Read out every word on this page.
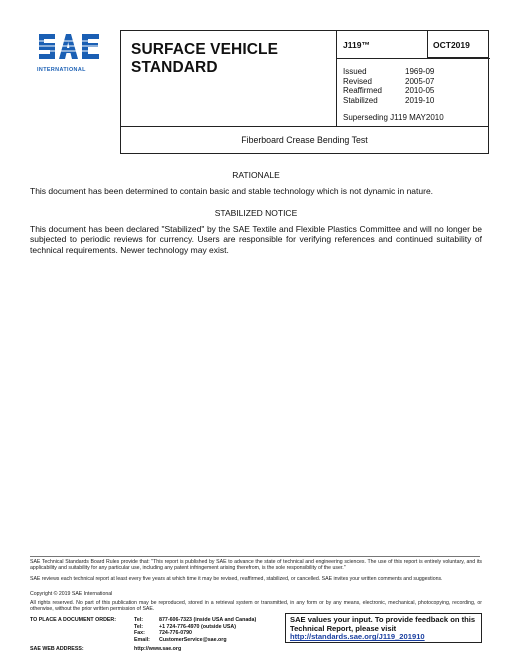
INTERNATIONAL
SURFACE VEHICLE
STANDARD
J119™	OCT2019
Issued	1969-09
Revised	2005-07
Reaffirmed	2010-05
Stabilized	2019-10
Superseding J119 MAY2010
Fiberboard Crease Bending Test
RATIONALE
This document has been determined to contain basic and stable technology which is not dynamic in nature.
STABILIZED NOTICE
This document has been declared "Stabilized" by the SAE Textile and Flexible Plastics Committee and will no longer be subjected to periodic reviews for currency. Users are responsible for verifying references and continued suitability of technical requirements. Newer technology may exist.
SAE Technical Standards Board Rules provide that: "This report is published by SAE to advance the state of technical and engineering sciences. The use of this report is entirely voluntary, and its applicability and suitability for any particular use, including any patent infringement arising therefrom, is the sole responsibility of the user."
SAE reviews each technical report at least every five years at which time it may be revised, reaffirmed, stabilized, or cancelled. SAE invites your written comments and suggestions.
Copyright © 2019 SAE International
All rights reserved. No part of this publication may be reproduced, stored in a retrieval system or transmitted, in any form or by any means, electronic, mechanical, photocopying, recording, or otherwise, without the prior written permission of SAE.
TO PLACE A DOCUMENT ORDER:	Tel:	877-606-7323 (inside USA and Canada)
Tel:	+1 724-776-4970 (outside USA)
Fax:	724-776-0790
Email: CustomerService@sae.org
SAE WEB ADDRESS:	http://www.sae.org
SAE values your input. To provide feedback on this Technical Report, please visit
http://standards.sae.org/J119_201910
